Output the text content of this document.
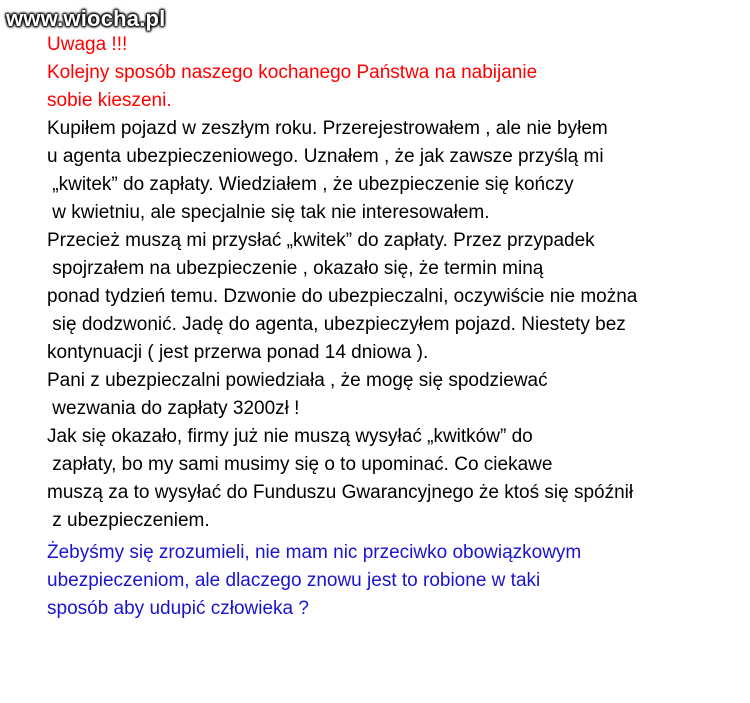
www.wiocha.pl
Uwaga !!!
Kolejny sposób naszego kochanego Państwa na nabijanie
sobie kieszeni.
Kupiłem pojazd w zeszłym roku. Przerejestrowałem , ale nie byłem
u agenta ubezpieczeniowego. Uznałem , że jak zawsze przyślą mi
„kwitek” do zapłaty. Wiedziałem , że ubezpieczenie się kończy
w kwietniu, ale specjalnie się tak nie interesowałem.
Przecież muszą mi przysłać „kwitek” do zapłaty. Przez przypadek
spojrzałem na ubezpieczenie , okazało się, że termin miną
ponad tydzień temu. Dzwonie do ubezpieczalni, oczywiście nie można
się dodzwonić. Jadę do agenta, ubezpieczyłem pojazd. Niestety bez
kontynuacji ( jest przerwa ponad 14 dniowa ).
Pani z ubezpieczalni powiedziała , że mogę się spodziewać
wezwania do zapłaty 3200zł !
Jak się okazało, firmy już nie muszą wysyłać „kwitków” do
zapłaty, bo my sami musimy się o to upominać. Co ciekawe
muszą za to wysyłać do Funduszu Gwarancyjnego że ktoś się spóźnił
z ubezpieczeniem.
Żebyśmy się zrozumieli, nie mam nic przeciwko obowiązkowym
ubezpieczeniom, ale dlaczego znowu jest to robione w taki
sposób aby udupić człowieka ?
